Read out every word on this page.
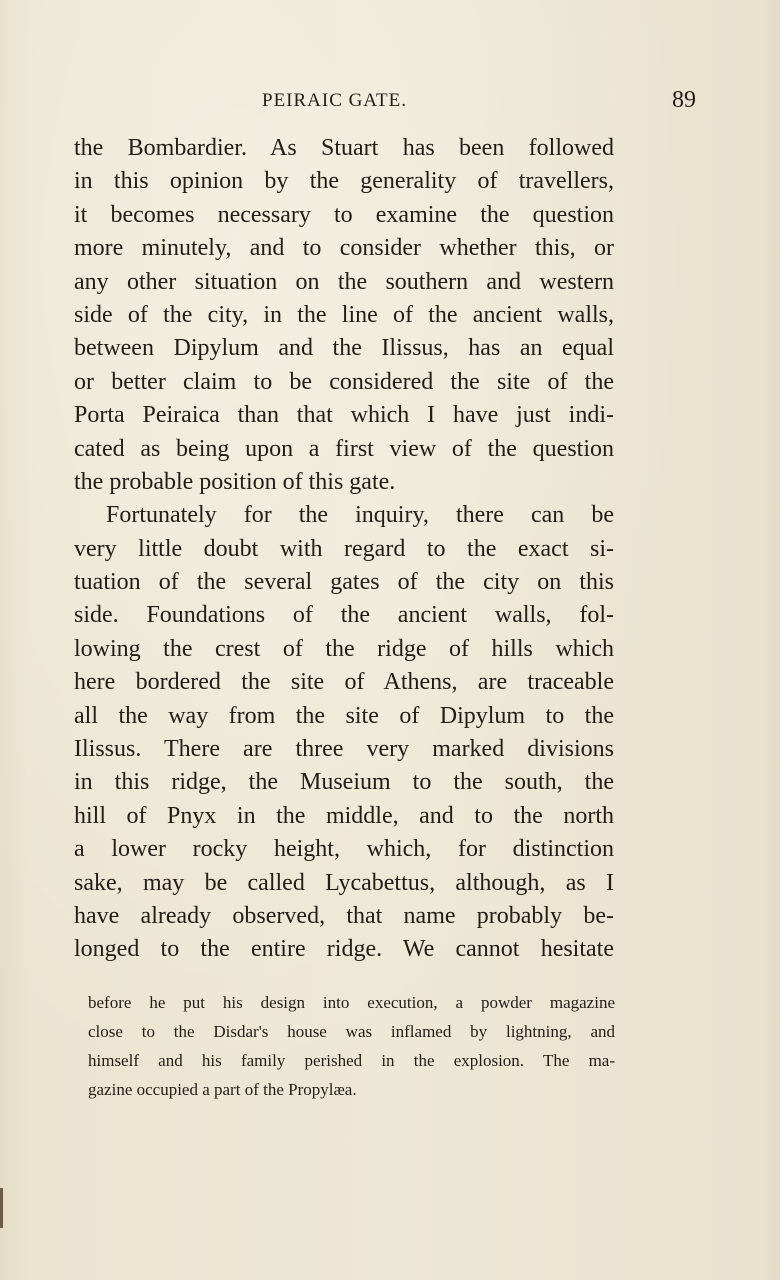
PEIRAIC GATE.	89
the Bombardier. As Stuart has been followed
in this opinion by the generality of travellers,
it becomes necessary to examine the question
more minutely, and to consider whether this, or
any other situation on the southern and western
side of the city, in the line of the ancient walls,
between Dipylum and the Ilissus, has an equal
or better claim to be considered the site of the
Porta Peiraica than that which I have just indi-
cated as being upon a first view of the question
the probable position of this gate.
Fortunately for the inquiry, there can be
very little doubt with regard to the exact si-
tuation of the several gates of the city on this
side. Foundations of the ancient walls, fol-
lowing the crest of the ridge of hills which
here bordered the site of Athens, are traceable
all the way from the site of Dipylum to the
Ilissus. There are three very marked divisions
in this ridge, the Museium to the south, the
hill of Pnyx in the middle, and to the north
a lower rocky height, which, for distinction
sake, may be called Lycabettus, although, as I
have already observed, that name probably be-
longed to the entire ridge. We cannot hesitate
before he put his design into execution, a powder magazine
close to the Disdar's house was inflamed by lightning, and
himself and his family perished in the explosion. The ma-
gazine occupied a part of the Propylæa.
